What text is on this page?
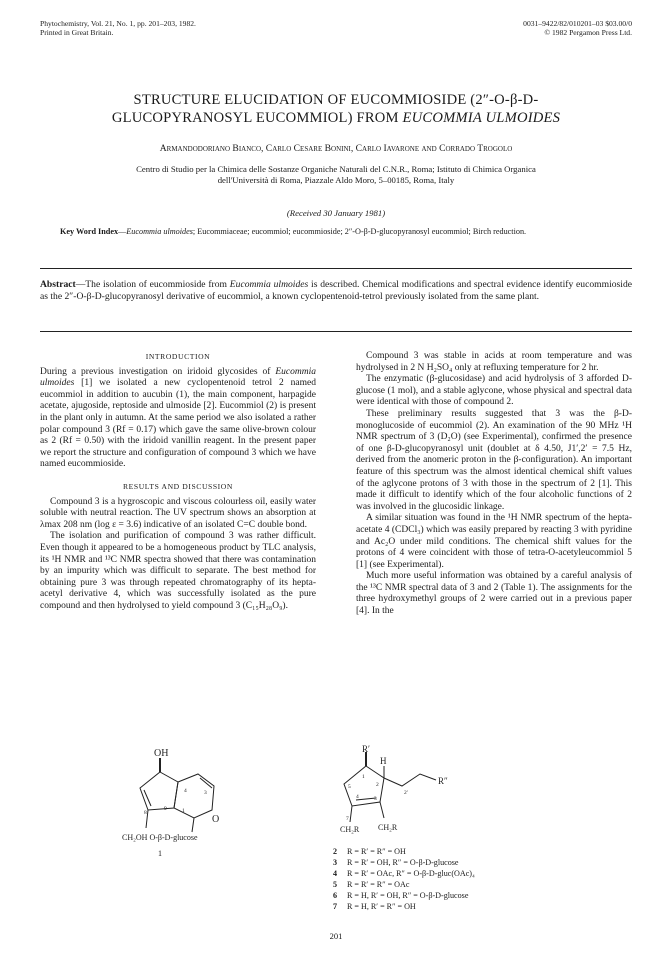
Phytochemistry, Vol. 21, No. 1, pp. 201–203, 1982.
Printed in Great Britain.
0031–9422/82/010201–03 $03.00/0
© 1982 Pergamon Press Ltd.
STRUCTURE ELUCIDATION OF EUCOMMIOSIDE (2″-O-β-D-
GLUCOPYRANOSYL EUCOMMIOL) FROM EUCOMMIA ULMOIDES
Armandodoriano Bianco, Carlo Cesare Bonini, Carlo Iavarone and Corrado Trogolo
Centro di Studio per la Chimica delle Sostanze Organiche Naturali del C.N.R., Roma; Istituto di Chimica Organica
dell'Università di Roma, Piazzale Aldo Moro, 5–00185, Roma, Italy
(Received 30 January 1981)
Key Word Index—Eucommia ulmoides; Eucommiaceae; eucommiol; eucommioside; 2″-O-β-D-glucopyranosyl eucommiol; Birch reduction.
Abstract—The isolation of eucommioside from Eucommia ulmoides is described. Chemical modifications and spectral evidence identify eucommioside as the 2″-O-β-D-glucopyranosyl derivative of eucommiol, a known cyclopentenoid-tetrol previously isolated from the same plant.
INTRODUCTION

During a previous investigation on iridoid glycosides of Eucommia ulmoides [1] we isolated a new cyclopentenoid tetrol 2 named eucommiol in addition to aucubin (1), the main component, harpagide acetate, ajugoside, reptoside and ulmoside [2]. Eucommiol (2) is present in the plant only in autumn. At the same period we also isolated a rather polar compound 3 (Rf = 0.17) which gave the same olive-brown colour as 2 (Rf = 0.50) with the iridoid vanillin reagent. In the present paper we report the structure and configuration of compound 3 which we have named eucommioside.

RESULTS AND DISCUSSION

Compound 3 is a hygroscopic and viscous colourless oil, easily water soluble with neutral reaction. The UV spectrum shows an absorption at λmax 208 nm (log ε = 3.6) indicative of an isolated C=C double bond.

The isolation and purification of compound 3 was rather difficult. Even though it appeared to be a homogeneous product by TLC analysis, its ¹H NMR and ¹³C NMR spectra showed that there was contamination by an impurity which was difficult to separate. The best method for obtaining pure 3 was through repeated chromatography of its hepta-acetyl derivative 4, which was successfully isolated as the pure compound and then hydrolysed to yield compound 3 (C₁₅H₂₈O₉).

Compound 3 was stable in acids at room temperature and was hydrolysed in 2 N H₂SO₄ only at refluxing temperature for 2 hr.

The enzymatic (β-glucosidase) and acid hydrolysis of 3 afforded D-glucose (1 mol), and a stable aglycone, whose physical and spectral data were identical with those of compound 2.

These preliminary results suggested that 3 was the β-D-monoglucoside of eucommiol (2). An examination of the 90 MHz ¹H NMR spectrum of 3 (D₂O) (see Experimental), confirmed the presence of one β-D-glucopyranosyl unit (doublet at δ 4.50, J1′,2′ = 7.5 Hz, derived from the anomeric proton in the β-configuration). An important feature of this spectrum was the almost identical chemical shift values of the aglycone protons of 3 with those in the spectrum of 2 [1]. This made it difficult to identify which of the four alcoholic functions of 2 was involved in the glucosidic linkage.

A similar situation was found in the ¹H NMR spectrum of the hepta-acetate 4 (CDCl₃) which was easily prepared by reacting 3 with pyridine and Ac₂O under mild conditions. The chemical shift values for the protons of 4 were coincident with those of tetra-O-acetyleucommiol 5 [1] (see Experimental).

Much more useful information was obtained by a careful analysis of the ¹³C NMR spectral data of 3 and 2 (Table 1). The assignments for the three hydroxymethyl groups of 2 were carried out in a previous paper [4]. In the

OH
4	3
1
8
9
O
CH₂OH O-β-D-glucose
1
R′
H
R″
1
2
3
4
5
7
2′
CH₂R CH₂R
2 R = R′ = R″ = OH
3 R = R′ = OH, R″ = O-β-D-glucose
4 R = R′ = OAc, R″ = O-β-D-gluc(OAc)₄
5 R = R′ = R″ = OAc
6 R = H, R′ = OH, R″ = O-β-D-glucose
7 R = H, R′ = R″ = OH
201
